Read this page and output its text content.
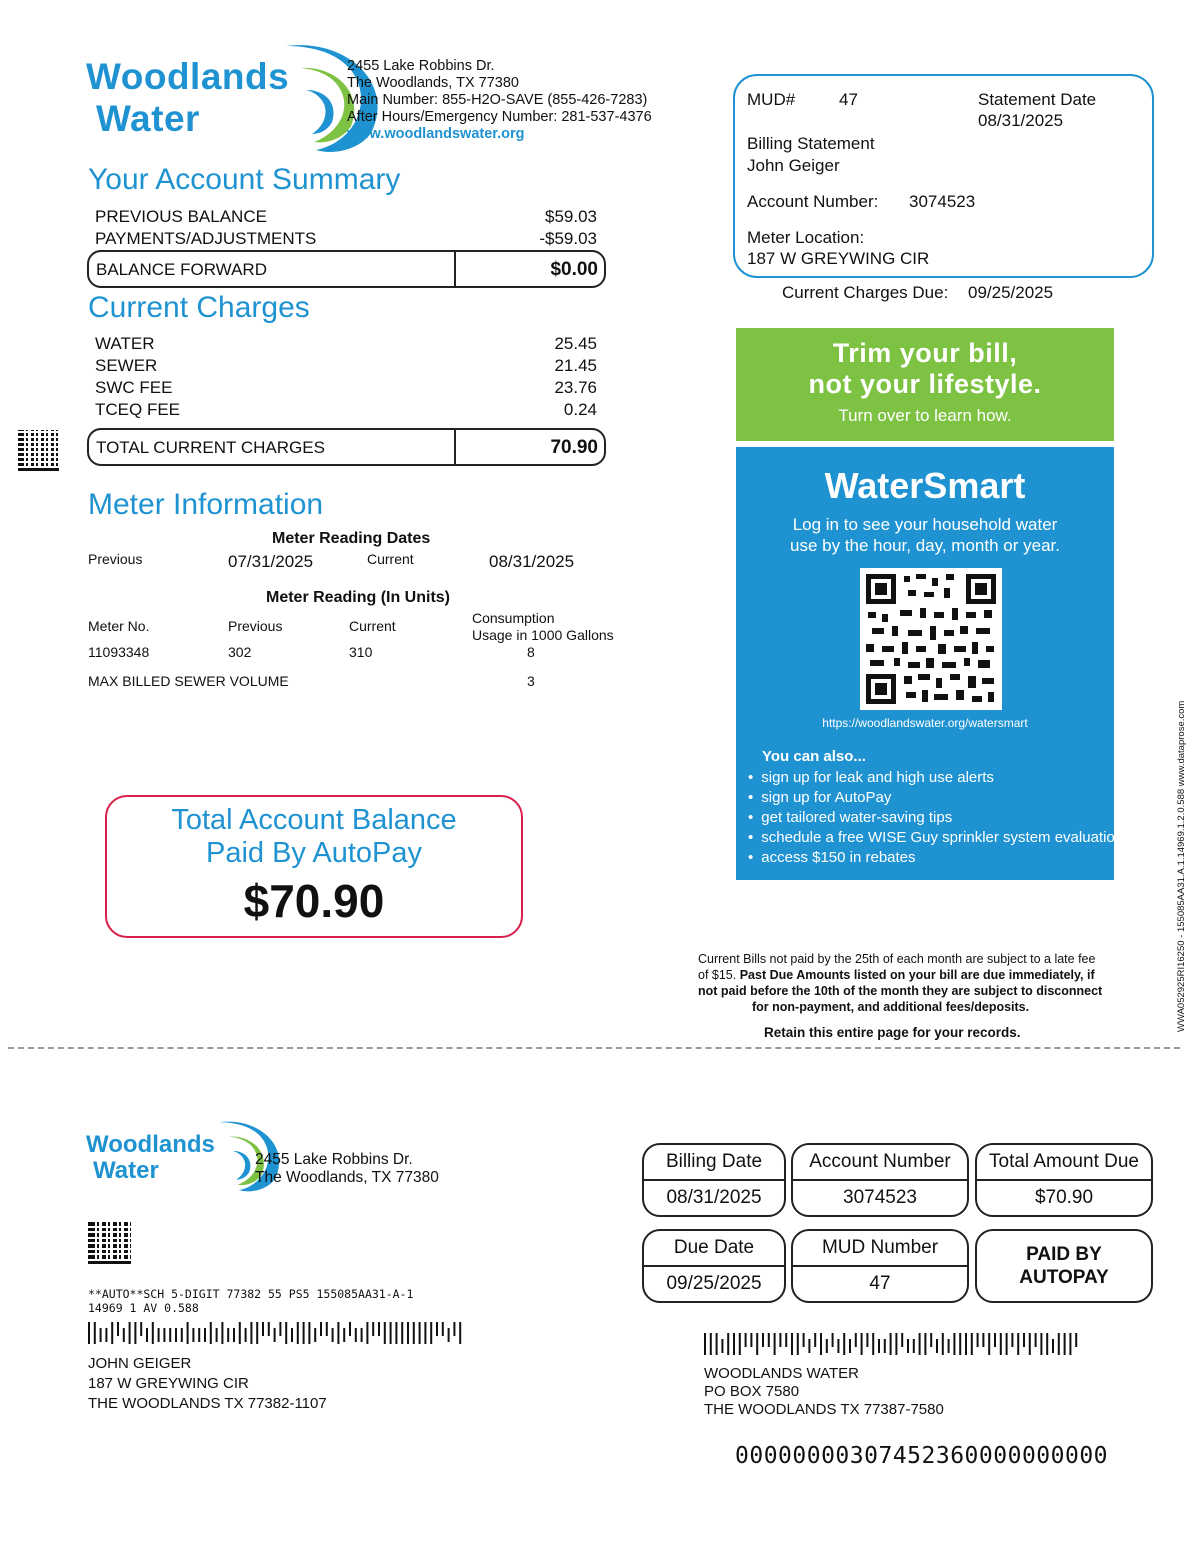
Woodlands
Water
2455 Lake Robbins Dr.
The Woodlands, TX 77380
Main Number: 855-H2O-SAVE (855-426-7283)
After Hours/Emergency Number: 281-537-4376
www.woodlandswater.org
Your Account Summary
PREVIOUS BALANCE	$59.03
PAYMENTS/ADJUSTMENTS	-$59.03
BALANCE FORWARD	$0.00
Current Charges
WATER	25.45
SEWER	21.45
SWC FEE	23.76
TCEQ FEE	0.24
TOTAL CURRENT CHARGES	70.90
Meter Information
Meter Reading Dates
Previous	07/31/2025	Current	08/31/2025
Meter Reading (In Units)
Meter No.	Previous	Current	Consumption
Usage in 1000 Gallons
11093348	302	310	8
MAX BILLED SEWER VOLUME	3
Total Account Balance
Paid By AutoPay
$70.90
MUD#	47	Statement Date
08/31/2025
Billing Statement
John Geiger
Account Number: 3074523
Meter Location:
187 W GREYWING CIR
Current Charges Due: 09/25/2025
Trim your bill,
not your lifestyle.
Turn over to learn how.
WaterSmart
Log in to see your household water
use by the hour, day, month or year.
https://woodlandswater.org/watersmart
You can also...
• sign up for leak and high use alerts
• sign up for AutoPay
• get tailored water-saving tips
• schedule a free WISE Guy sprinkler system evaluation
• access $150 in rebates	WWA052925RI16250 - 155085AA31.A.1.14969.1.2.0.588 www.dataprose.com
Current Bills not paid by the 25th of each month are subject to a late fee
of $15. Past Due Amounts listed on your bill are due immediately, if
not paid before the 10th of the month they are subject to disconnect
for non-payment, and additional fees/deposits.
Retain this entire page for your records.
Woodlands
Water	2455 Lake Robbins Dr.
The Woodlands, TX 77380
**AUTO**SCH 5-DIGIT 77382 55 PS5 155085AA31-A-1
14969 1 AV 0.588
JOHN GEIGER
187 W GREYWING CIR
THE WOODLANDS TX 77382-1107
Billing Date
08/31/2025
Account Number
3074523
Total Amount Due
$70.90
Due Date
09/25/2025
MUD Number
47
PAID BY
AUTOPAY
WOODLANDS WATER
PO BOX 7580
THE WOODLANDS TX 77387-7580
00000000307452360000000000
